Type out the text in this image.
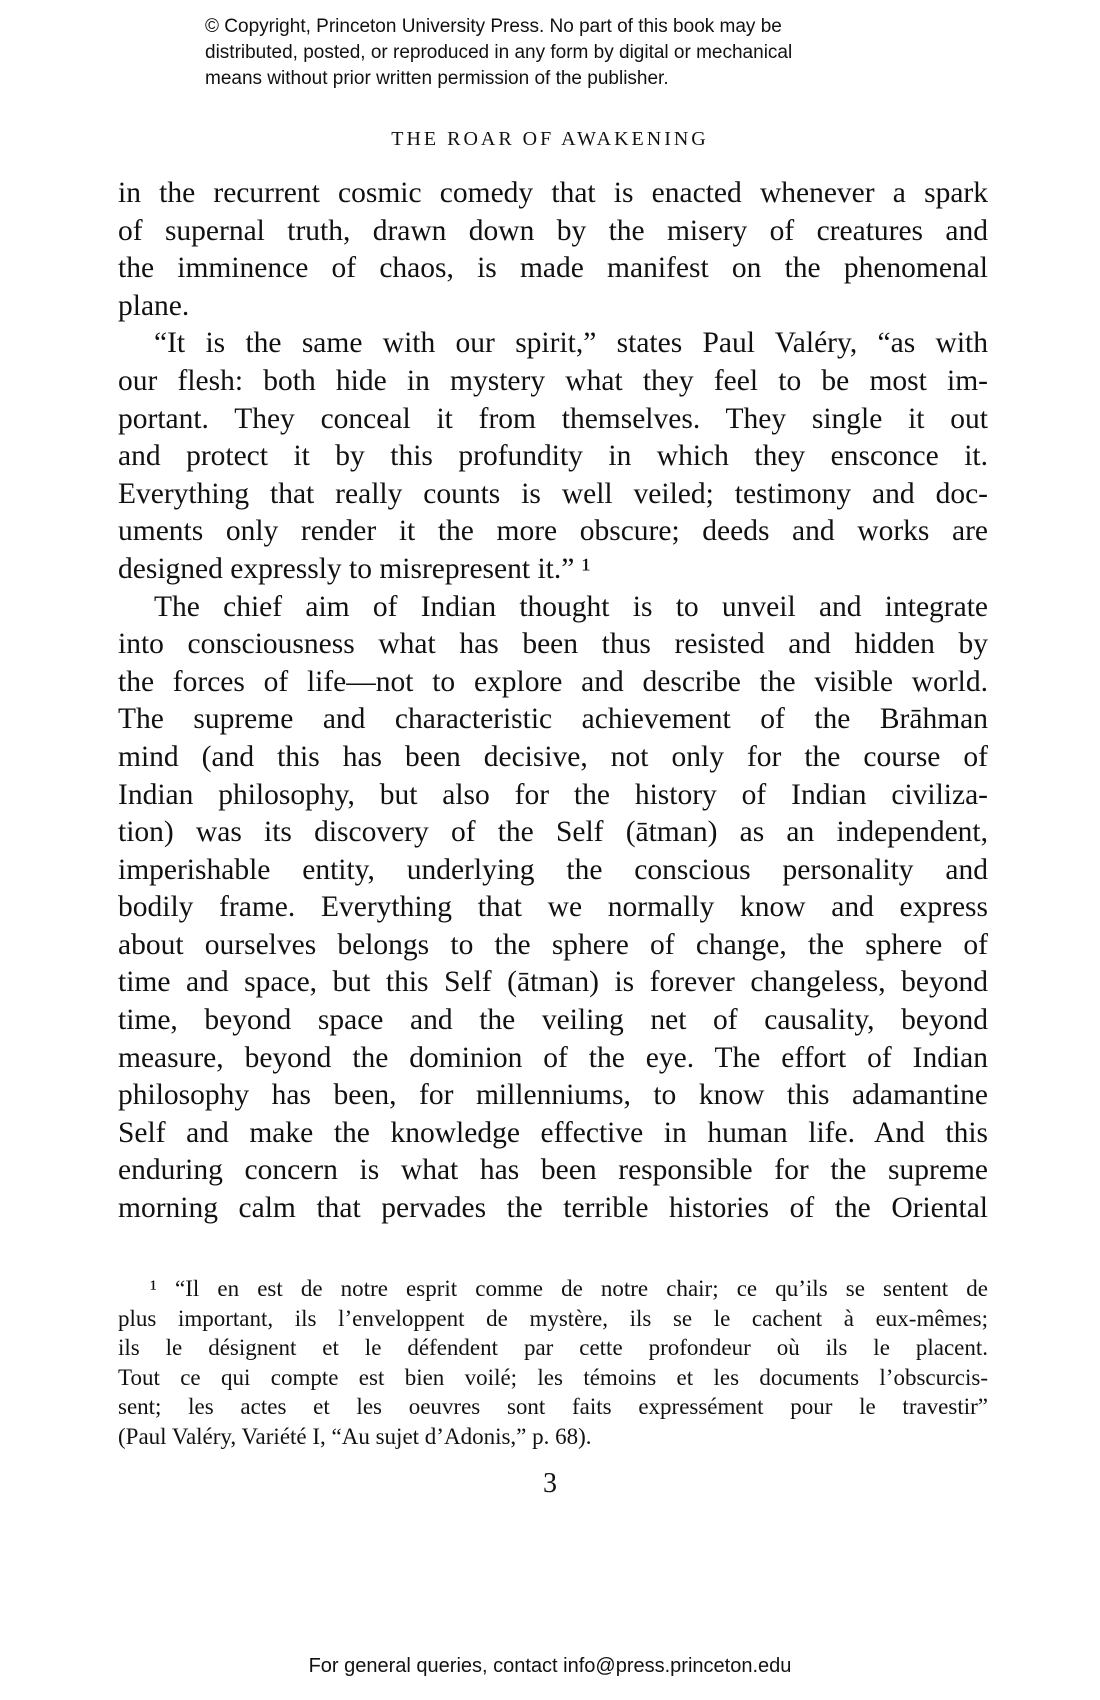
© Copyright, Princeton University Press. No part of this book may be
distributed, posted, or reproduced in any form by digital or mechanical
means without prior written permission of the publisher.
THE ROAR OF AWAKENING
in the recurrent cosmic comedy that is enacted whenever a spark
of supernal truth, drawn down by the misery of creatures and
the imminence of chaos, is made manifest on the phenomenal
plane.
“It is the same with our spirit,” states Paul Valéry, “as with
our flesh: both hide in mystery what they feel to be most im-
portant. They conceal it from themselves. They single it out
and protect it by this profundity in which they ensconce it.
Everything that really counts is well veiled; testimony and doc-
uments only render it the more obscure; deeds and works are
designed expressly to misrepresent it.” ¹
The chief aim of Indian thought is to unveil and integrate
into consciousness what has been thus resisted and hidden by
the forces of life—not to explore and describe the visible world.
The supreme and characteristic achievement of the Brāhman
mind (and this has been decisive, not only for the course of
Indian philosophy, but also for the history of Indian civiliza-
tion) was its discovery of the Self (ātman) as an independent,
imperishable entity, underlying the conscious personality and
bodily frame. Everything that we normally know and express
about ourselves belongs to the sphere of change, the sphere of
time and space, but this Self (ātman) is forever changeless, beyond
time, beyond space and the veiling net of causality, beyond
measure, beyond the dominion of the eye. The effort of Indian
philosophy has been, for millenniums, to know this adamantine
Self and make the knowledge effective in human life. And this
enduring concern is what has been responsible for the supreme
morning calm that pervades the terrible histories of the Oriental
¹ “Il en est de notre esprit comme de notre chair; ce qu’ils se sentent de
plus important, ils l’enveloppent de mystère, ils se le cachent à eux-mêmes;
ils le désignent et le défendent par cette profondeur où ils le placent.
Tout ce qui compte est bien voilé; les témoins et les documents l’obscurcis-
sent; les actes et les oeuvres sont faits expressément pour le travestir”
(Paul Valéry, Variété I, “Au sujet d’Adonis,” p. 68).
3
For general queries, contact info@press.princeton.edu
